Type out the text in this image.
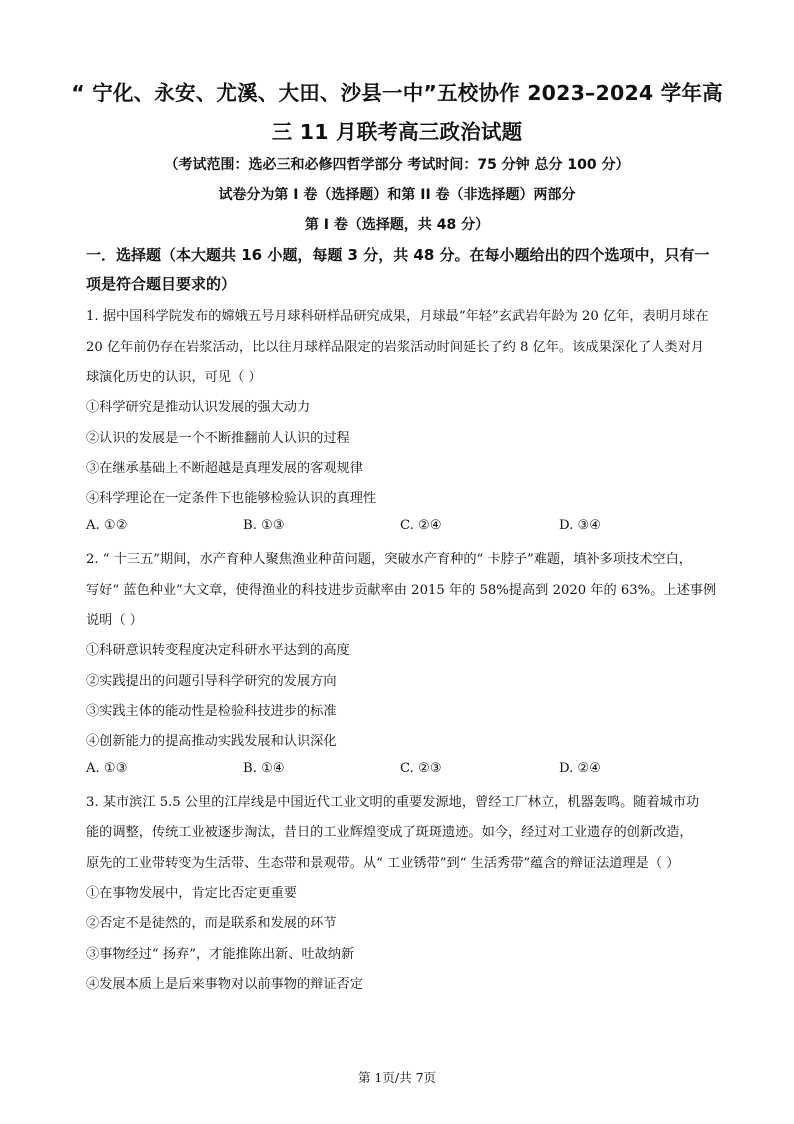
“ 宁化、永安、尤溪、大田、沙县一中”五校协作 2023–2024 学年高
三 11 月联考高三政治试题
（考试范围：选必三和必修四哲学部分 考试时间：75 分钟 总分 100 分）
试卷分为第 I 卷（选择题）和第 II 卷（非选择题）两部分
第 I 卷（选择题，共 48 分）
一．选择题（本大题共 16 小题，每题 3 分，共 48 分。在每小题给出的四个选项中，只有一
项是符合题目要求的）
1. 据中国科学院发布的嫦娥五号月球科研样品研究成果，月球最“年轻”玄武岩年龄为 20 亿年，表明月球在
20 亿年前仍存在岩浆活动，比以往月球样品限定的岩浆活动时间延长了约 8 亿年。该成果深化了人类对月
球演化历史的认识，可见（ ）
①科学研究是推动认识发展的强大动力
②认识的发展是一个不断推翻前人认识的过程
③在继承基础上不断超越是真理发展的客观规律
④科学理论在一定条件下也能够检验认识的真理性
A. ①②	B. ①③	C. ②④	D. ③④
2. “ 十三五”期间，水产育种人聚焦渔业种苗问题，突破水产育种的“ 卡脖子”难题，填补多项技术空白，
写好“ 蓝色种业”大文章，使得渔业的科技进步贡献率由 2015 年的 58%提高到 2020 年的 63%。上述事例
说明（ ）
①科研意识转变程度决定科研水平达到的高度
②实践提出的问题引导科学研究的发展方向
③实践主体的能动性是检验科技进步的标准
④创新能力的提高推动实践发展和认识深化
A. ①③	B. ①④	C. ②③	D. ②④
3. 某市滨江 5.5 公里的江岸线是中国近代工业文明的重要发源地，曾经工厂林立，机器轰鸣。随着城市功
能的调整，传统工业被逐步淘汰，昔日的工业辉煌变成了斑斑遗迹。如今，经过对工业遗存的创新改造，
原先的工业带转变为生活带、生态带和景观带。从“ 工业锈带”到“ 生活秀带”蕴含的辩证法道理是（ ）
①在事物发展中，肯定比否定更重要
②否定不是徒然的，而是联系和发展的环节
③事物经过“ 扬弃”，才能推陈出新、吐故纳新
④发展本质上是后来事物对以前事物的辩证否定
第 1页/共 7页
